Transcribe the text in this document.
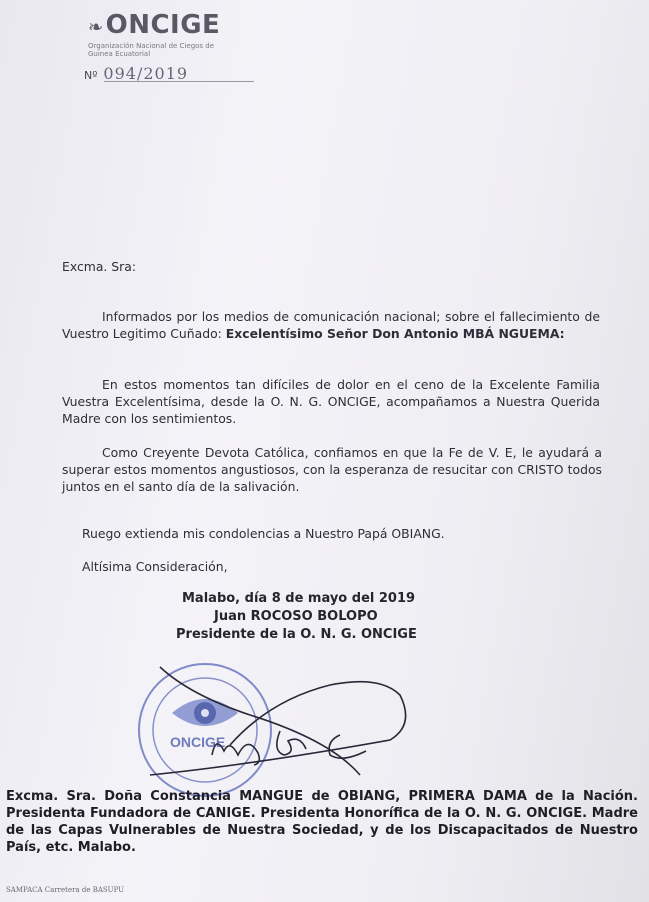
❧ONCIGE
Organización Nacional de Ciegos de Guinea Ecuatorial
Nº 094/2019
Excma. Sra:

Informados por los medios de comunicación nacional; sobre el fallecimiento de Vuestro Legitimo Cuñado: Excelentísimo Señor Don Antonio MBÁ NGUEMA:

En estos momentos tan difíciles de dolor en el ceno de la Excelente Familia Vuestra Excelentísima, desde la O. N. G. ONCIGE, acompañamos a Nuestra Querida Madre con los sentimientos.

Como Creyente Devota Católica, confiamos en que la Fe de V. E, le ayudará a superar estos momentos angustiosos, con la esperanza de resucitar con CRISTO todos juntos en el santo día de la salivación.

Ruego extienda mis condolencias a Nuestro Papá OBIANG.

Altísima Consideración,

Malabo, día 8 de mayo del 2019
Juan ROCOSO BOLOPO
Presidente de la O. N. G. ONCIGE
ONCIGE
Excma. Sra. Doña Constancia MANGUE de OBIANG, PRIMERA DAMA de la Nación. Presidenta Fundadora de CANIGE. Presidenta Honorífica de la O. N. G. ONCIGE. Madre de las Capas Vulnerables de Nuestra Sociedad, y de los Discapacitados de Nuestro País, etc. Malabo.
SAMPACA Carretera de BASUPU
